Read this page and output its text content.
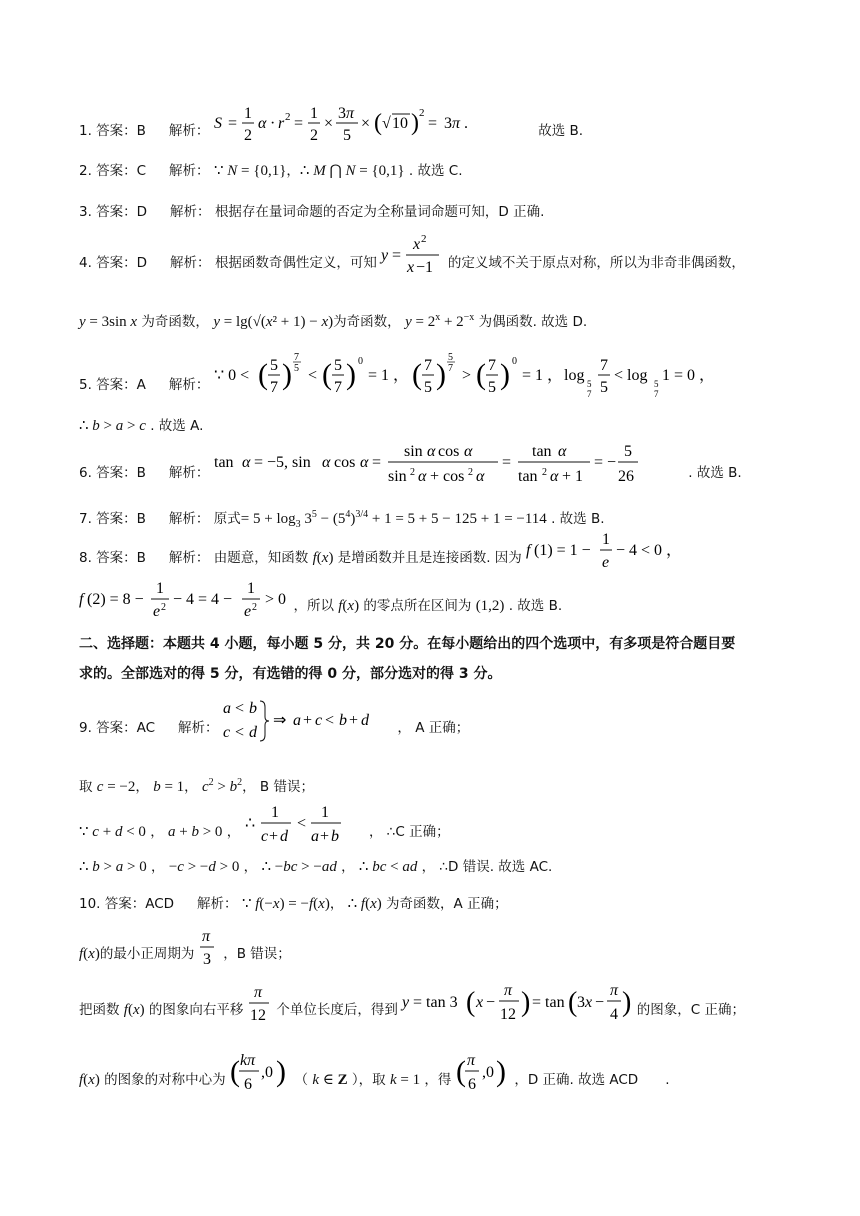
1. 答案：B 解析： S =
1
2
α · r 2 =
1
2
×
3 π
5
× ( √ 10 ) 2
= 3 π .	故选 B.
2. 答案：C 解析： ∵ N = {0,1}，∴ M ⋂ N = {0,1} . 故选 C.
3. 答案：D 解析： 根据存在量词命题的否定为全称量词命题可知，D 正确.
4. 答案：D 解析： 根据函数奇偶性定义，可知 y =
x 2
x −1 的定义域不关于原点对称，所以为非奇非偶函数，
y = 3sin x 为奇函数， y = lg(√(x² + 1) − x)为奇函数， $y = 2^x + 2^{-x}$ 为偶函数. 故选 D.
5. 答案：A 解析：
∵ 0 < ( 5
7 )
7
5 < ( 5
7 ) 0
= 1 ， ( 7
5 )
5
7 > ( 7
5 ) 0
= 1 ， log 5
7
7
5
< log 5
7
1 = 0 ，
∴ b > a > c . 故选 A.
6. 答案：B 解析：
tan α = −5, sin α cos α =
sin α cos α
sin 2 α + cos 2 α
=
tan α
tan 2 α + 1
= −
5
26	. 故选 B.
7. 答案：B 解析： 原式= $5 + \log_3 3^5 - (5^4)^{3/4} + 1 = 5 + 5 - 125 + 1 = -114$ . 故选 B.
8. 答案：B 解析： 由题意，知函数 f(x) 是增函数并且是连接函数. 因为 f (1) = 1 −
1
e
− 4 < 0 ，
f (2) = 8 −
1
e 2 − 4 = 4 −
1
e 2 > 0 ，所以 f(x) 的零点所在区间为 (1,2) . 故选 B.
二、选择题：本题共 4 小题，每小题 5 分，共 20 分。在每小题给出的四个选项中，有多项是符合题目要
求的。全部选对的得 5 分，有选错的得 0 分，部分选对的得 3 分。
9. 答案：AC 解析：
a < b
c < d
⇒ a + c < b + d ， A 正确；
取 c = −2， b = 1， $c^2 > b^2$， B 错误；
∵ c + d < 0 ， a + b > 0 ， ∴
1
c + d
<
1
a + b ， ∴C 正确；
∴ b > a > 0 ， −c > −d > 0 ， ∴ −bc > −ad ， ∴ bc < ad ， ∴D 错误. 故选 AC.
10. 答案：ACD 解析： ∵ f(−x) = −f(x)， ∴ f(x) 为奇函数，A 正确；
f(x)的最小正周期为
π
3 ，B 错误；
把函数 f(x) 的图象向右平移
π
12 个单位长度后，得到 y = tan 3 ( x −
π
12 ) = tan ( 3 x −
π
4 ) 的图象，C 正确；
f(x) 的图象的对称中心为 ( kπ
6
,0 ) （ k ∈ Z ），取 k = 1 ，得 ( π
6
,0 ) ，D 正确. 故选 ACD　　.
